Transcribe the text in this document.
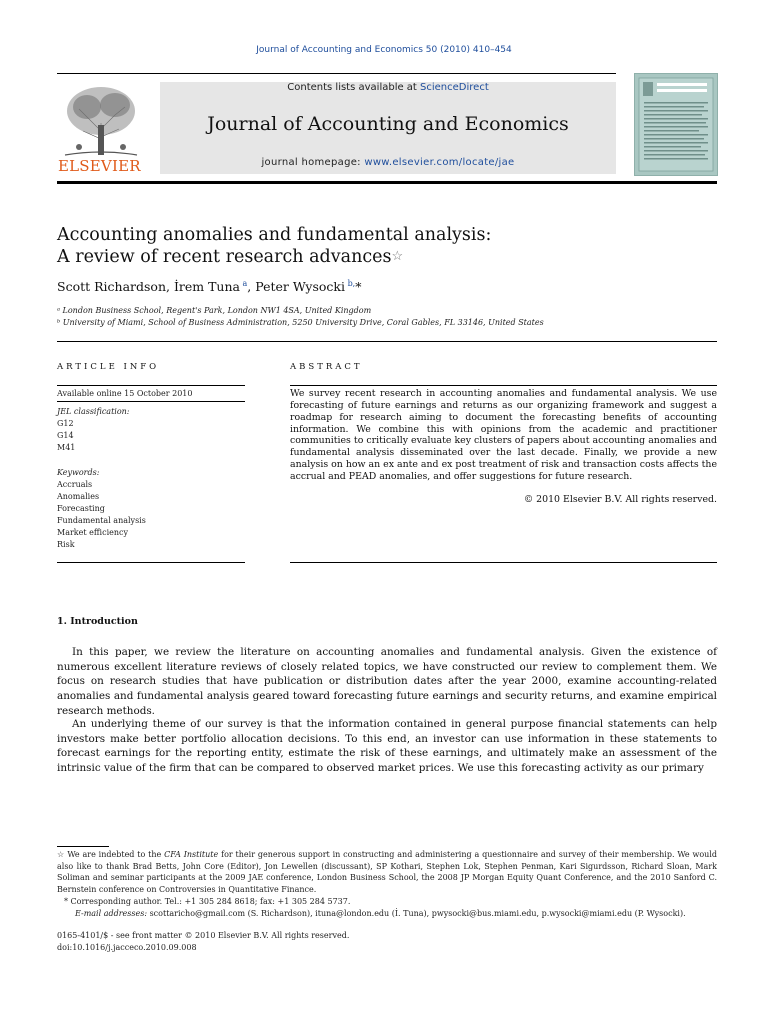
Journal of Accounting and Economics 50 (2010) 410–454
ELSEVIER
Contents lists available at ScienceDirect
Journal of Accounting and Economics
journal homepage: www.elsevier.com/locate/jae
Accounting anomalies and fundamental analysis:
A review of recent research advances☆
Scott Richardson, İrem Tuna $^a$, Peter Wysocki $^{b,}$*
ᵃ London Business School, Regent's Park, London NW1 4SA, United Kingdom
ᵇ University of Miami, School of Business Administration, 5250 University Drive, Coral Gables, FL 33146, United States
ARTICLE INFO
Available online 15 October 2010
JEL classification:
G12
G14
M41
Keywords:
Accruals
Anomalies
Forecasting
Fundamental analysis
Market efficiency
Risk
ABSTRACT
We survey recent research in accounting anomalies and fundamental analysis. We use forecasting of future earnings and returns as our organizing framework and suggest a roadmap for research aiming to document the forecasting benefits of accounting information. We combine this with opinions from the academic and practitioner communities to critically evaluate key clusters of papers about accounting anomalies and fundamental analysis disseminated over the last decade. Finally, we provide a new analysis on how an ex ante and ex post treatment of risk and transaction costs affects the accrual and PEAD anomalies, and offer suggestions for future research.
© 2010 Elsevier B.V. All rights reserved.
1. Introduction
In this paper, we review the literature on accounting anomalies and fundamental analysis. Given the existence of numerous excellent literature reviews of closely related topics, we have constructed our review to complement them. We focus on research studies that have publication or distribution dates after the year 2000, examine accounting-related anomalies and fundamental analysis geared toward forecasting future earnings and security returns, and examine empirical research methods.
An underlying theme of our survey is that the information contained in general purpose financial statements can help investors make better portfolio allocation decisions. To this end, an investor can use information in these statements to forecast earnings for the reporting entity, estimate the risk of these earnings, and ultimately make an assessment of the intrinsic value of the firm that can be compared to observed market prices. We use this forecasting activity as our primary
☆ We are indebted to the CFA Institute for their generous support in constructing and administering a questionnaire and survey of their membership. We would also like to thank Brad Betts, John Core (Editor), Jon Lewellen (discussant), SP Kothari, Stephen Lok, Stephen Penman, Kari Sigurdsson, Richard Sloan, Mark Soliman and seminar participants at the 2009 JAE conference, London Business School, the 2008 JP Morgan Equity Quant Conference, and the 2010 Sanford C. Bernstein conference on Controversies in Quantitative Finance.
* Corresponding author. Tel.: +1 305 284 8618; fax: +1 305 284 5737.
E-mail addresses: scottaricho@gmail.com (S. Richardson), ituna@london.edu (İ. Tuna), pwysocki@bus.miami.edu, p.wysocki@miami.edu (P. Wysocki).
0165-4101/$ - see front matter © 2010 Elsevier B.V. All rights reserved.
doi:10.1016/j.jacceco.2010.09.008
